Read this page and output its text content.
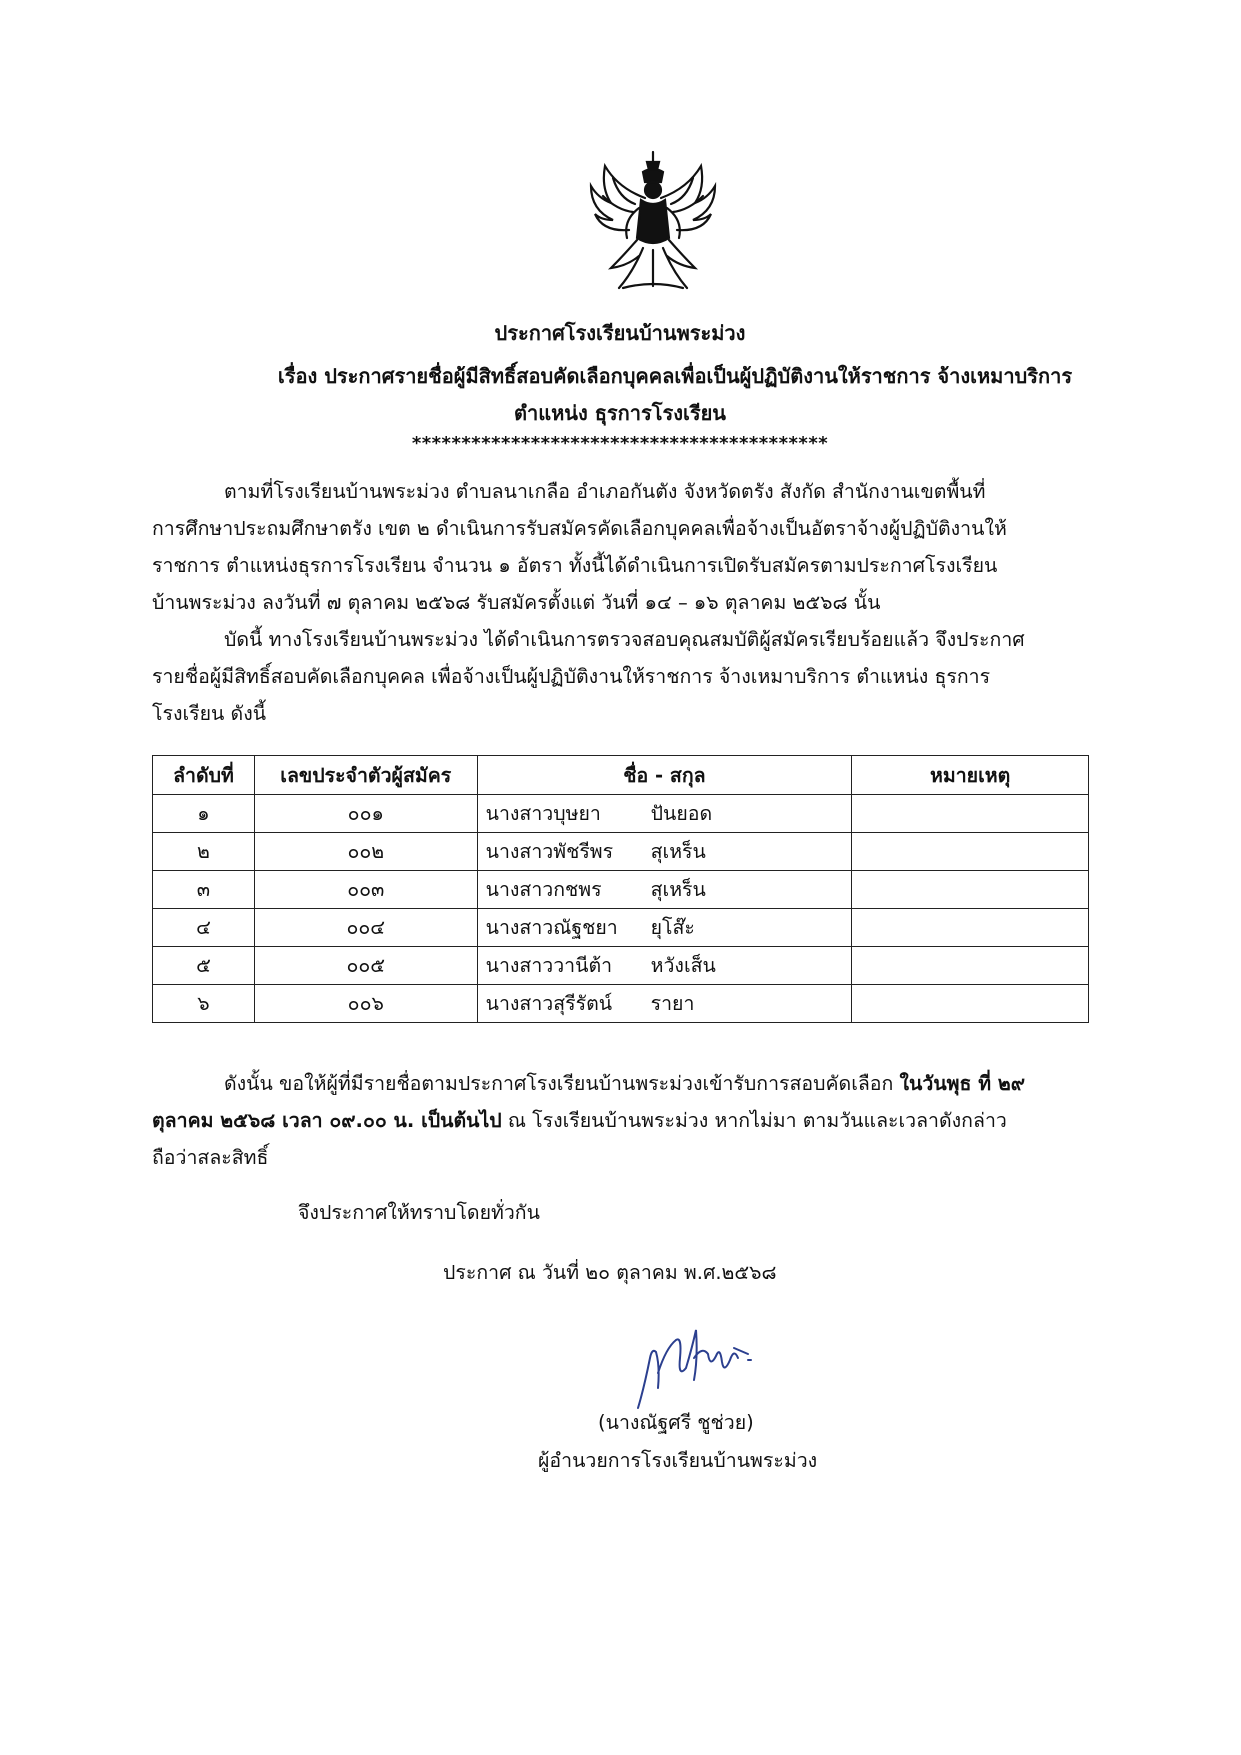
ประกาศโรงเรียนบ้านพระม่วง
เรื่อง ประกาศรายชื่อผู้มีสิทธิ์สอบคัดเลือกบุคคลเพื่อเป็นผู้ปฏิบัติงานให้ราชการ จ้างเหมาบริการ
ตำแหน่ง ธุรการโรงเรียน
******************************************

ตามที่โรงเรียนบ้านพระม่วง ตำบลนาเกลือ อำเภอกันตัง จังหวัดตรัง สังกัด สำนักงานเขตพื้นที่

การศึกษาประถมศึกษาตรัง เขต ๒ ดำเนินการรับสมัครคัดเลือกบุคคลเพื่อจ้างเป็นอัตราจ้างผู้ปฏิบัติงานให้

ราชการ ตำแหน่งธุรการโรงเรียน จำนวน ๑ อัตรา ทั้งนี้ได้ดำเนินการเปิดรับสมัครตามประกาศโรงเรียน

บ้านพระม่วง ลงวันที่ ๗ ตุลาคม ๒๕๖๘ รับสมัครตั้งแต่ วันที่ ๑๔ – ๑๖ ตุลาคม ๒๕๖๘ นั้น

บัดนี้ ทางโรงเรียนบ้านพระม่วง ได้ดำเนินการตรวจสอบคุณสมบัติผู้สมัครเรียบร้อยแล้ว จึงประกาศ

รายชื่อผู้มีสิทธิ์สอบคัดเลือกบุคคล เพื่อจ้างเป็นผู้ปฏิบัติงานให้ราชการ จ้างเหมาบริการ ตำแหน่ง ธุรการ

โรงเรียน ดังนี้

ลำดับที่	เลขประจำตัวผู้สมัคร	ชื่อ - สกุล	หมายเหตุ
๑	๐๐๑	นางสาวบุษยา ปันยอด	
๒	๐๐๒	นางสาวพัชรีพร สุเหร็น	
๓	๐๐๓	นางสาวกชพร สุเหร็น	
๔	๐๐๔	นางสาวณัฐชยา ยุโส๊ะ	
๕	๐๐๕	นางสาววานีต้า หวังเส็น	
๖	๐๐๖	นางสาวสุรีรัตน์ รายา	

ดังนั้น ขอให้ผู้ที่มีรายชื่อตามประกาศโรงเรียนบ้านพระม่วงเข้ารับการสอบคัดเลือก ในวันพุธ ที่ ๒๙

ตุลาคม ๒๕๖๘ เวลา ๐๙.๐๐ น. เป็นต้นไป ณ โรงเรียนบ้านพระม่วง หากไม่มา ตามวันและเวลาดังกล่าว

ถือว่าสละสิทธิ์

จึงประกาศให้ทราบโดยทั่วกัน
ประกาศ ณ วันที่ ๒๐ ตุลาคม พ.ศ.๒๕๖๘
(นางณัฐศรี ชูช่วย)
ผู้อำนวยการโรงเรียนบ้านพระม่วง
